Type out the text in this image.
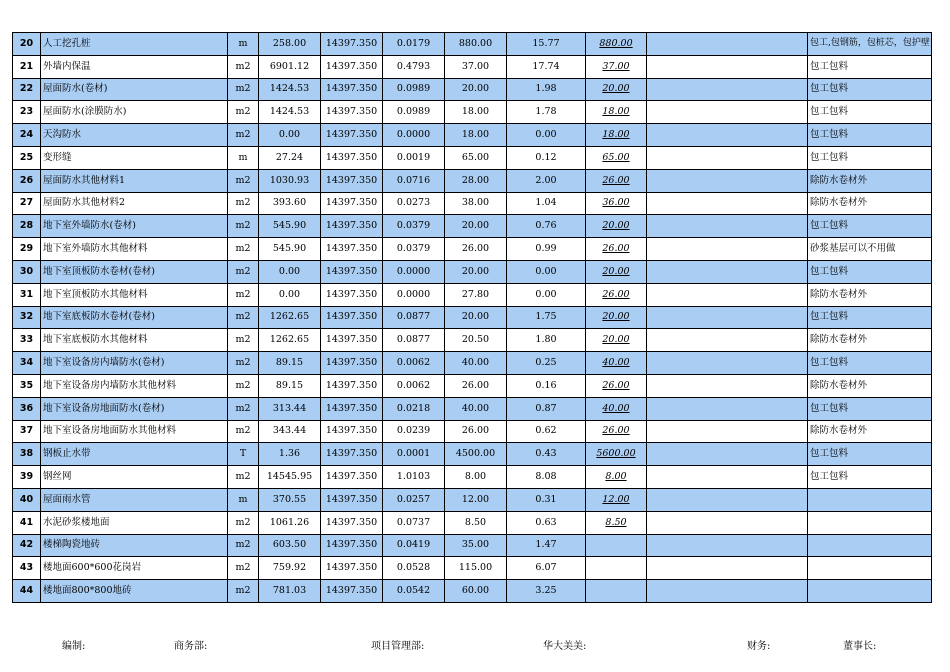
20	人工挖孔桩	m	258.00	14397.350	0.0179	880.00	15.77	880.00		包工,包钢筋，包桩芯，包护壁
21	外墙内保温	m2	6901.12	14397.350	0.4793	37.00	17.74	37.00		包工包料
22	屋面防水(卷材)	m2	1424.53	14397.350	0.0989	20.00	1.98	20.00		包工包料
23	屋面防水(涂膜防水)	m2	1424.53	14397.350	0.0989	18.00	1.78	18.00		包工包料
24	天沟防水	m2	0.00	14397.350	0.0000	18.00	0.00	18.00		包工包料
25	变形缝	m	27.24	14397.350	0.0019	65.00	0.12	65.00		包工包料
26	屋面防水其他材料1	m2	1030.93	14397.350	0.0716	28.00	2.00	26.00		除防水卷材外
27	屋面防水其他材料2	m2	393.60	14397.350	0.0273	38.00	1.04	36.00		除防水卷材外
28	地下室外墙防水(卷材)	m2	545.90	14397.350	0.0379	20.00	0.76	20.00		包工包料
29	地下室外墙防水其他材料	m2	545.90	14397.350	0.0379	26.00	0.99	26.00		砂浆基层可以不用做
30	地下室顶板防水卷材(卷材)	m2	0.00	14397.350	0.0000	20.00	0.00	20.00		包工包料
31	地下室顶板防水其他材料	m2	0.00	14397.350	0.0000	27.80	0.00	26.00		除防水卷材外
32	地下室底板防水卷材(卷材)	m2	1262.65	14397.350	0.0877	20.00	1.75	20.00		包工包料
33	地下室底板防水其他材料	m2	1262.65	14397.350	0.0877	20.50	1.80	20.00		除防水卷材外
34	地下室设备房内墙防水(卷材)	m2	89.15	14397.350	0.0062	40.00	0.25	40.00		包工包料
35	地下室设备房内墙防水其他材料	m2	89.15	14397.350	0.0062	26.00	0.16	26.00		除防水卷材外
36	地下室设备房地面防水(卷材)	m2	313.44	14397.350	0.0218	40.00	0.87	40.00		包工包料
37	地下室设备房地面防水其他材料	m2	343.44	14397.350	0.0239	26.00	0.62	26.00		除防水卷材外
38	钢板止水带	T	1.36	14397.350	0.0001	4500.00	0.43	5600.00		包工包料
39	钢丝网	m2	14545.95	14397.350	1.0103	8.00	8.08	8.00		包工包料
40	屋面雨水管	m	370.55	14397.350	0.0257	12.00	0.31	12.00		
41	水泥砂浆楼地面	m2	1061.26	14397.350	0.0737	8.50	0.63	8.50		
42	楼梯陶瓷地砖	m2	603.50	14397.350	0.0419	35.00	1.47			
43	楼地面600*600花岗岩	m2	759.92	14397.350	0.0528	115.00	6.07			
44	楼地面800*800地砖	m2	781.03	14397.350	0.0542	60.00	3.25			
编制:	商务部:	项目管理部:	华大美美:	财务:	董事长:
